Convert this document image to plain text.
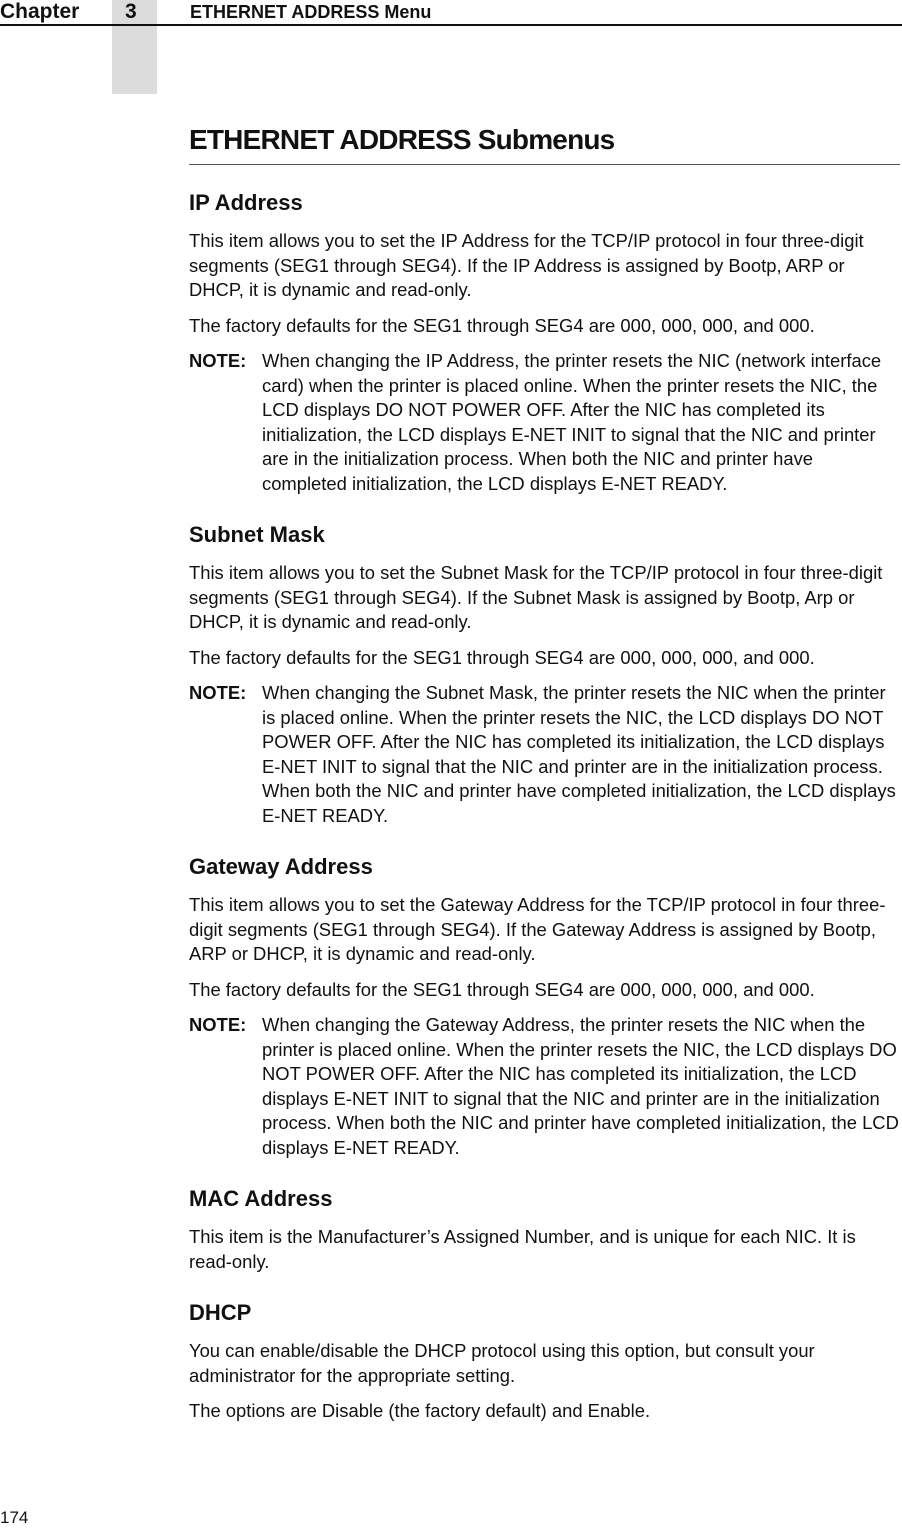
Chapter 3	ETHERNET ADDRESS Menu
ETHERNET ADDRESS Submenus
IP Address

This item allows you to set the IP Address for the TCP/IP protocol in four three-digit segments (SEG1 through SEG4). If the IP Address is assigned by Bootp, ARP or DHCP, it is dynamic and read-only.

The factory defaults for the SEG1 through SEG4 are 000, 000, 000, and 000.

NOTE: When changing the IP Address, the printer resets the NIC (network interface card) when the printer is placed online. When the printer resets the NIC, the LCD displays DO NOT POWER OFF. After the NIC has completed its initialization, the LCD displays E-NET INIT to signal that the NIC and printer are in the initialization process. When both the NIC and printer have completed initialization, the LCD displays E-NET READY.
Subnet Mask

This item allows you to set the Subnet Mask for the TCP/IP protocol in four three-digit segments (SEG1 through SEG4). If the Subnet Mask is assigned by Bootp, Arp or DHCP, it is dynamic and read-only.

The factory defaults for the SEG1 through SEG4 are 000, 000, 000, and 000.

NOTE: When changing the Subnet Mask, the printer resets the NIC when the printer is placed online. When the printer resets the NIC, the LCD displays DO NOT POWER OFF. After the NIC has completed its initialization, the LCD displays E-NET INIT to signal that the NIC and printer are in the initialization process. When both the NIC and printer have completed initialization, the LCD displays E-NET READY.
Gateway Address

This item allows you to set the Gateway Address for the TCP/IP protocol in four three-digit segments (SEG1 through SEG4). If the Gateway Address is assigned by Bootp, ARP or DHCP, it is dynamic and read-only.

The factory defaults for the SEG1 through SEG4 are 000, 000, 000, and 000.

NOTE: When changing the Gateway Address, the printer resets the NIC when the printer is placed online. When the printer resets the NIC, the LCD displays DO NOT POWER OFF. After the NIC has completed its initialization, the LCD displays E-NET INIT to signal that the NIC and printer are in the initialization process. When both the NIC and printer have completed initialization, the LCD displays E-NET READY.
MAC Address

This item is the Manufacturer’s Assigned Number, and is unique for each NIC. It is read-only.

DHCP

You can enable/disable the DHCP protocol using this option, but consult your administrator for the appropriate setting.

The options are Disable (the factory default) and Enable.

174
